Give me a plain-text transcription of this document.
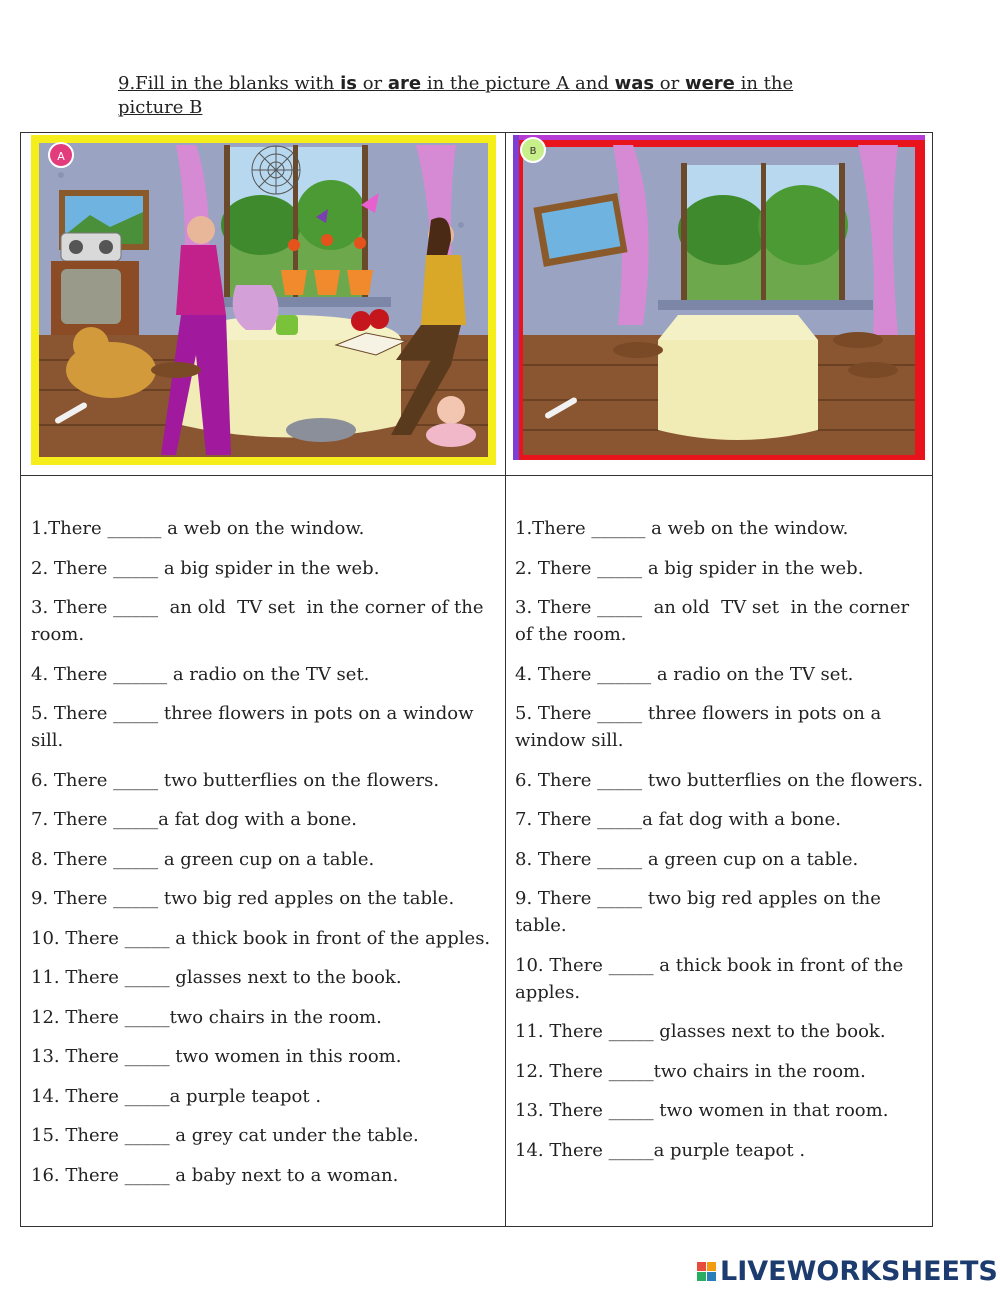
9.Fill in the blanks with is or are in the picture A and was or were in the picture B
A	B
1.There ______ a web on the window.
2. There _____ a big spider in the web.
3. There _____  an old  TV set  in the corner of the room.
4. There ______ a radio on the TV set.
5. There _____ three flowers in pots on a window sill.
6. There _____ two butterflies on the flowers.
7. There _____a fat dog with a bone.
8. There _____ a green cup on a table.
9. There _____ two big red apples on the table.
10. There _____ a thick book in front of the apples.
11. There _____ glasses next to the book.
12. There _____two chairs in the room.
13. There _____ two women in this room.
14. There _____a purple teapot .
15. There _____ a grey cat under the table.
16. There _____ a baby next to a woman.
1.There ______ a web on the window.
2. There _____ a big spider in the web.
3. There _____  an old  TV set  in the corner of the room.
4. There ______ a radio on the TV set.
5. There _____ three flowers in pots on a window sill.
6. There _____ two butterflies on the flowers.
7. There _____a fat dog with a bone.
8. There _____ a green cup on a table.
9. There _____ two big red apples on the table.
10. There _____ a thick book in front of the apples.
11. There _____ glasses next to the book.
12. There _____two chairs in the room.
13. There _____ two women in that room.
14. There _____a purple teapot .
LIVEWORKSHEETS
